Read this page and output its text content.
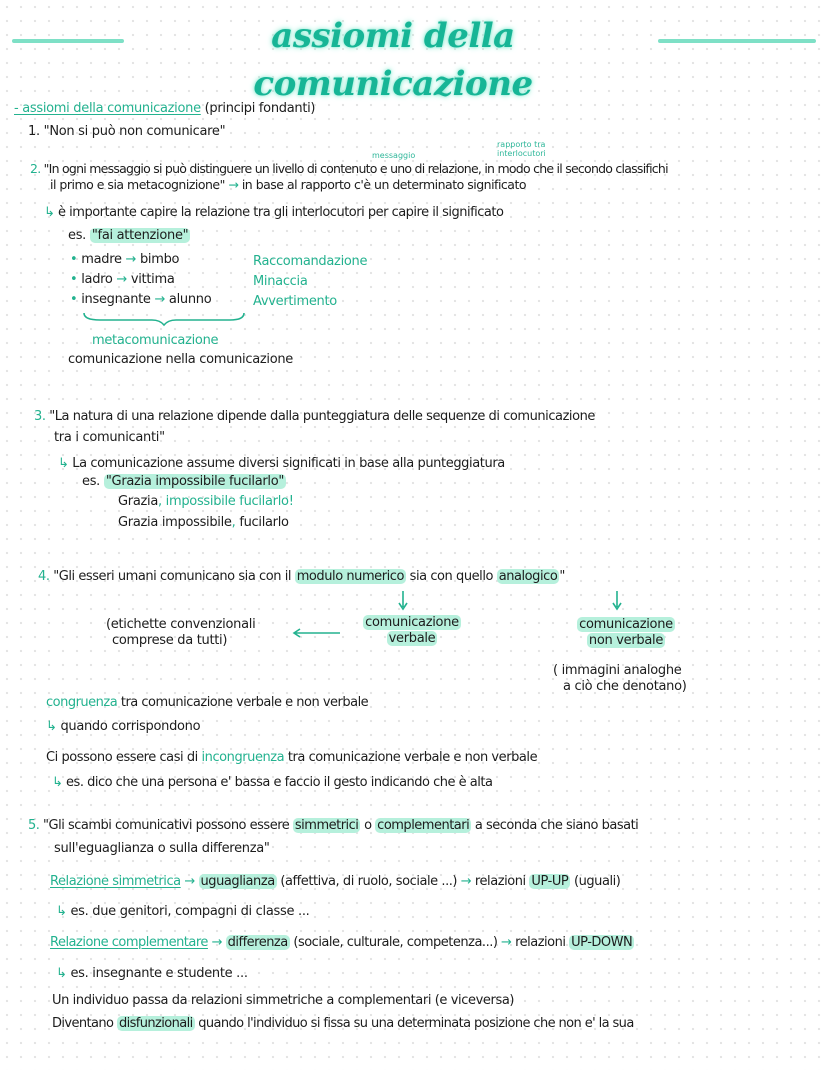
assiomi della comunicazione
- assiomi della comunicazione (principi fondanti)
1. "Non si può non comunicare"
messaggio
rapporto tra
interlocutori
2. "In ogni messaggio si può distinguere un livello di contenuto e uno di relazione, in modo che il secondo classifichi
il primo e sia metacognizione" → in base al rapporto c'è un determinato significato
↳ è importante capire la relazione tra gli interlocutori per capire il significato
es. "fai attenzione"
• madre → bimbo
• ladro → vittima
• insegnante → alunno
Raccomandazione
Minaccia
Avvertimento
metacomunicazione
comunicazione nella comunicazione
3. "La natura di una relazione dipende dalla punteggiatura delle sequenze di comunicazione
tra i comunicanti"
↳ La comunicazione assume diversi significati in base alla punteggiatura
es. "Grazia impossibile fucilarlo"
Grazia, impossibile fucilarlo!
Grazia impossibile, fucilarlo
4. "Gli esseri umani comunicano sia con il modulo numerico sia con quello analogico "
comunicazione
verbale
comunicazione
non verbale
(etichette convenzionali
comprese da tutti)
( immagini analoghe
a ciò che denotano)
congruenza tra comunicazione verbale e non verbale
↳ quando corrispondono
Ci possono essere casi di incongruenza tra comunicazione verbale e non verbale
↳ es. dico che una persona e' bassa e faccio il gesto indicando che è alta
5. "Gli scambi comunicativi possono essere simmetrici o complementari a seconda che siano basati
sull'eguaglianza o sulla differenza"
Relazione simmetrica → uguaglianza (affettiva, di ruolo, sociale ...) → relazioni UP-UP (uguali)
↳ es. due genitori, compagni di classe ...
Relazione complementare → differenza (sociale, culturale, competenza...) → relazioni UP-DOWN
↳ es. insegnante e studente ...
Un individuo passa da relazioni simmetriche a complementari (e viceversa)
Diventano disfunzionali quando l'individuo si fissa su una determinata posizione che non e' la sua
